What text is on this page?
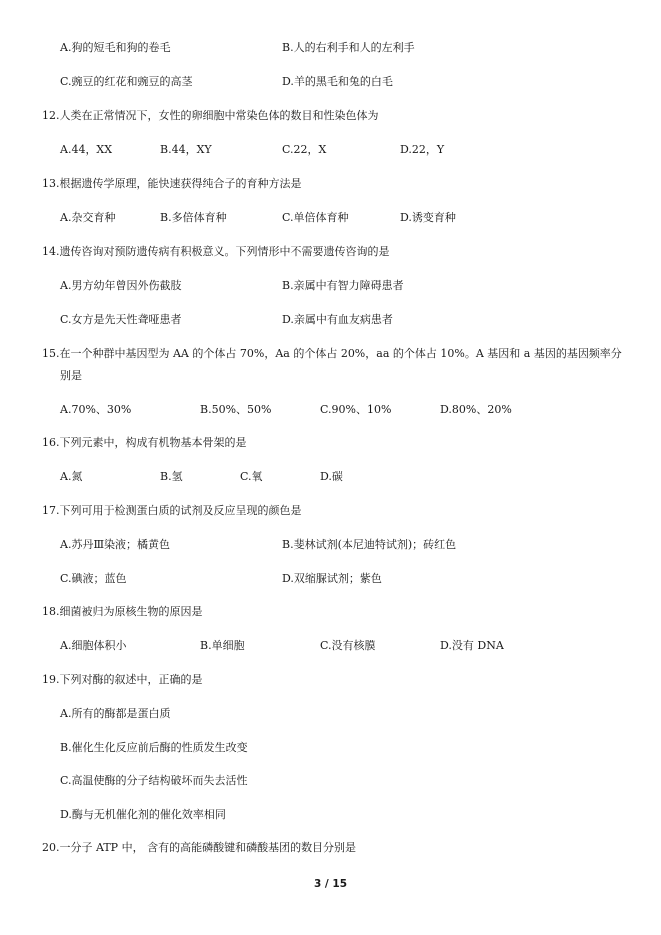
A.狗的短毛和狗的卷毛	B.人的右利手和人的左利手
C.豌豆的红花和豌豆的高茎	D.羊的黑毛和兔的白毛
12.人类在正常情况下，女性的卵细胞中常染色体的数目和性染色体为
A.44，XX	B.44，XY	C.22，X	D.22，Y
13.根据遗传学原理，能快速获得纯合子的育种方法是
A.杂交育种	B.多倍体育种	C.单倍体育种	D.诱变育种
14.遗传咨询对预防遗传病有积极意义。下列情形中不需要遗传咨询的是
A.男方幼年曾因外伤截肢	B.亲属中有智力障碍患者
C.女方是先天性聋哑患者	D.亲属中有血友病患者
15.在一个种群中基因型为 AA 的个体占 70%，Aa 的个体占 20%，aa 的个体占 10%。A 基因和 a 基因的基因频率分
别是
A.70%、30%	B.50%、50%	C.90%、10%	D.80%、20%
16.下列元素中，构成有机物基本骨架的是
A.氮	B.氢	C.氧	D.碳
17.下列可用于检测蛋白质的试剂及反应呈现的颜色是
A.苏丹Ⅲ染液；橘黄色	B.斐林试剂(本尼迪特试剂)；砖红色
C.碘液；蓝色	D.双缩脲试剂；紫色
18.细菌被归为原核生物的原因是
A.细胞体积小	B.单细胞	C.没有核膜	D.没有 DNA
19.下列对酶的叙述中，正确的是
A.所有的酶都是蛋白质
B.催化生化反应前后酶的性质发生改变
C.高温使酶的分子结构破坏而失去活性
D.酶与无机催化剂的催化效率相同
20.一分子 ATP 中， 含有的高能磷酸键和磷酸基团的数目分别是
3 / 15
